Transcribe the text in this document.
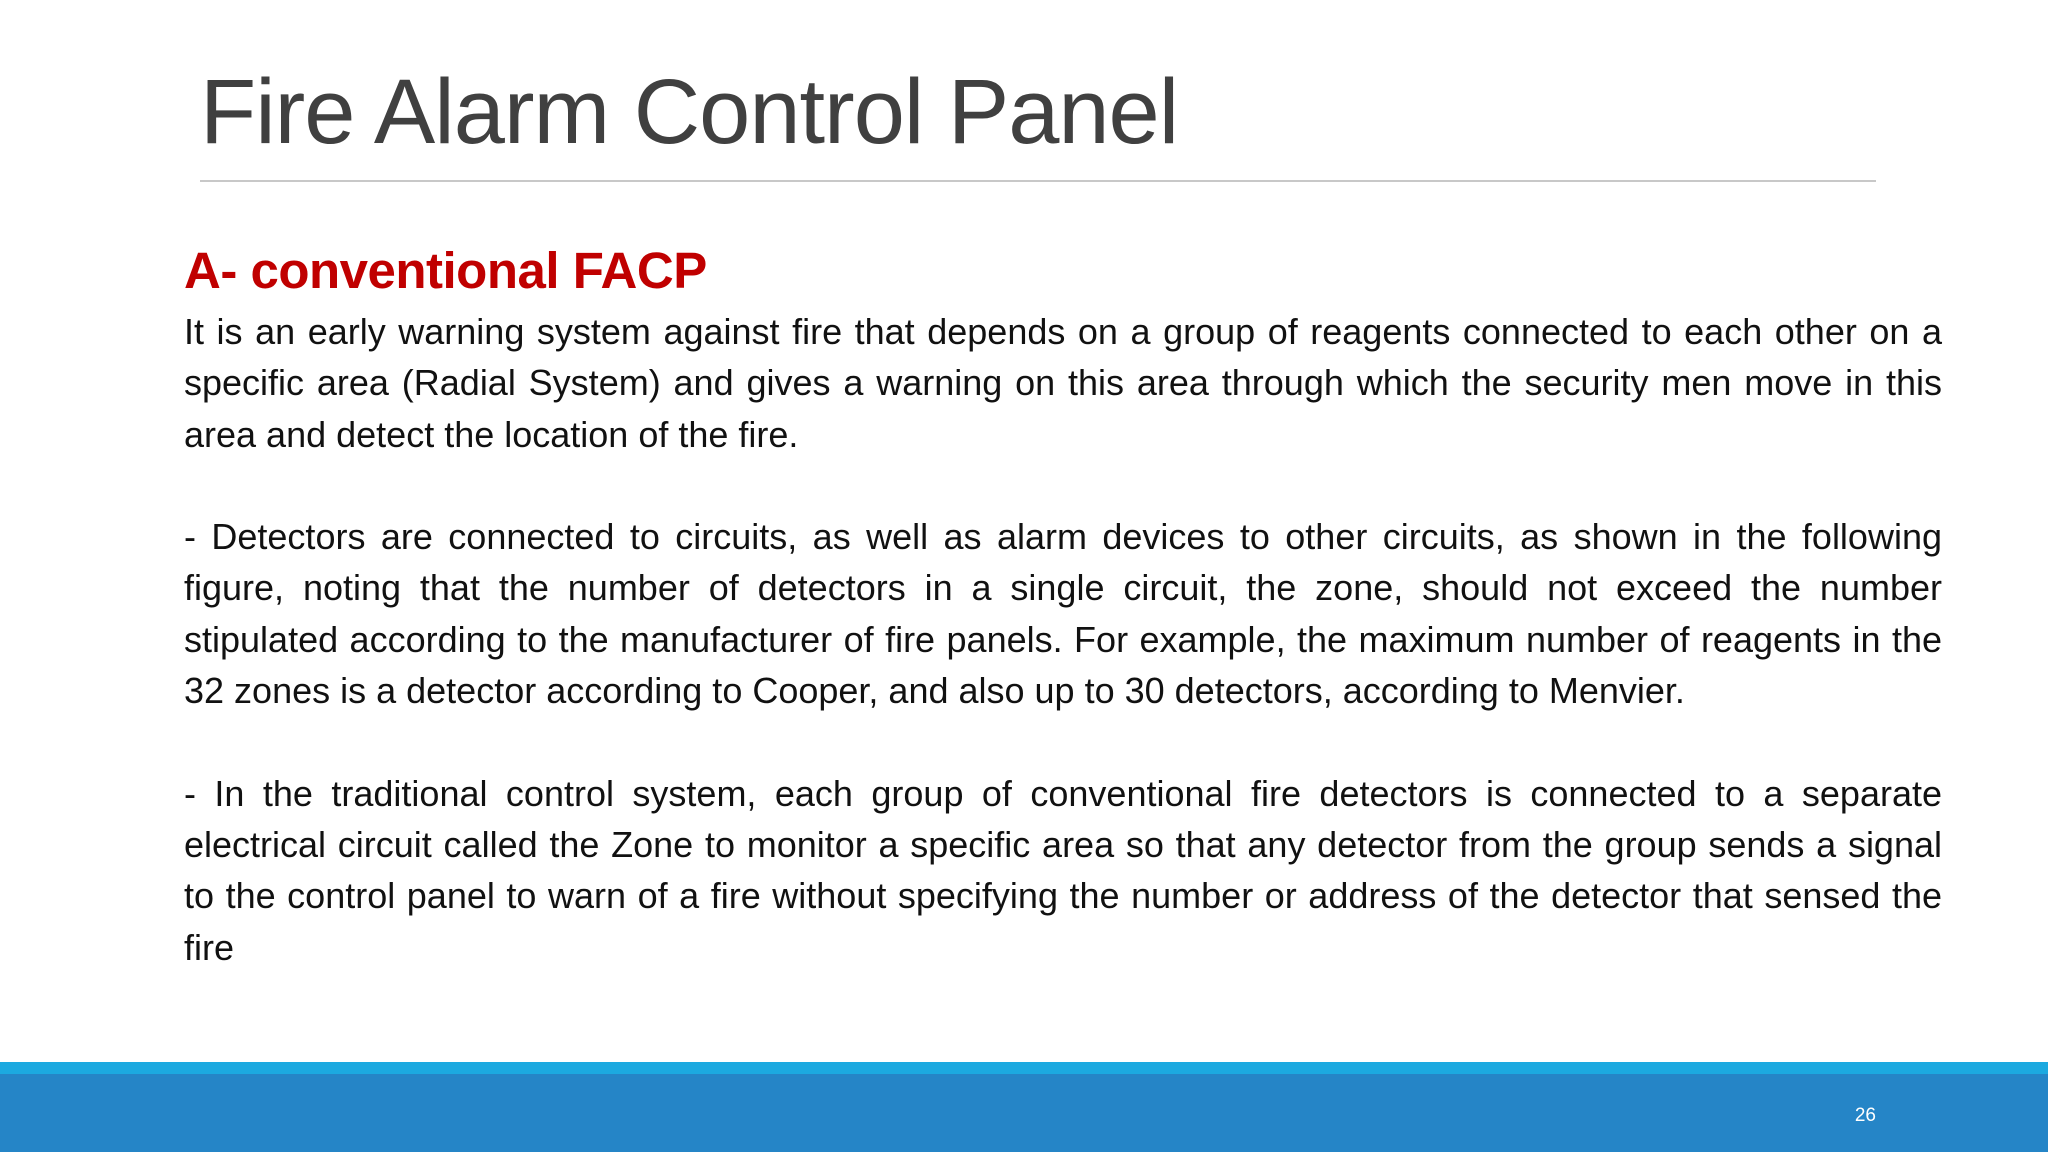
Fire Alarm Control Panel
A- conventional FACP

It is an early warning system against fire that depends on a group of reagents connected to each other on a specific area (Radial System) and gives a warning on this area through which the security men move in this area and detect the location of the fire.

- Detectors are connected to circuits, as well as alarm devices to other circuits, as shown in the following figure, noting that the number of detectors in a single circuit, the zone, should not exceed the number stipulated according to the manufacturer of fire panels. For example, the maximum number of reagents in the 32 zones is a detector according to Cooper, and also up to 30 detectors, according to Menvier.

- In the traditional control system, each group of conventional fire detectors is connected to a separate electrical circuit called the Zone to monitor a specific area so that any detector from the group sends a signal to the control panel to warn of a fire without specifying the number or address of the detector that sensed the fire

26
